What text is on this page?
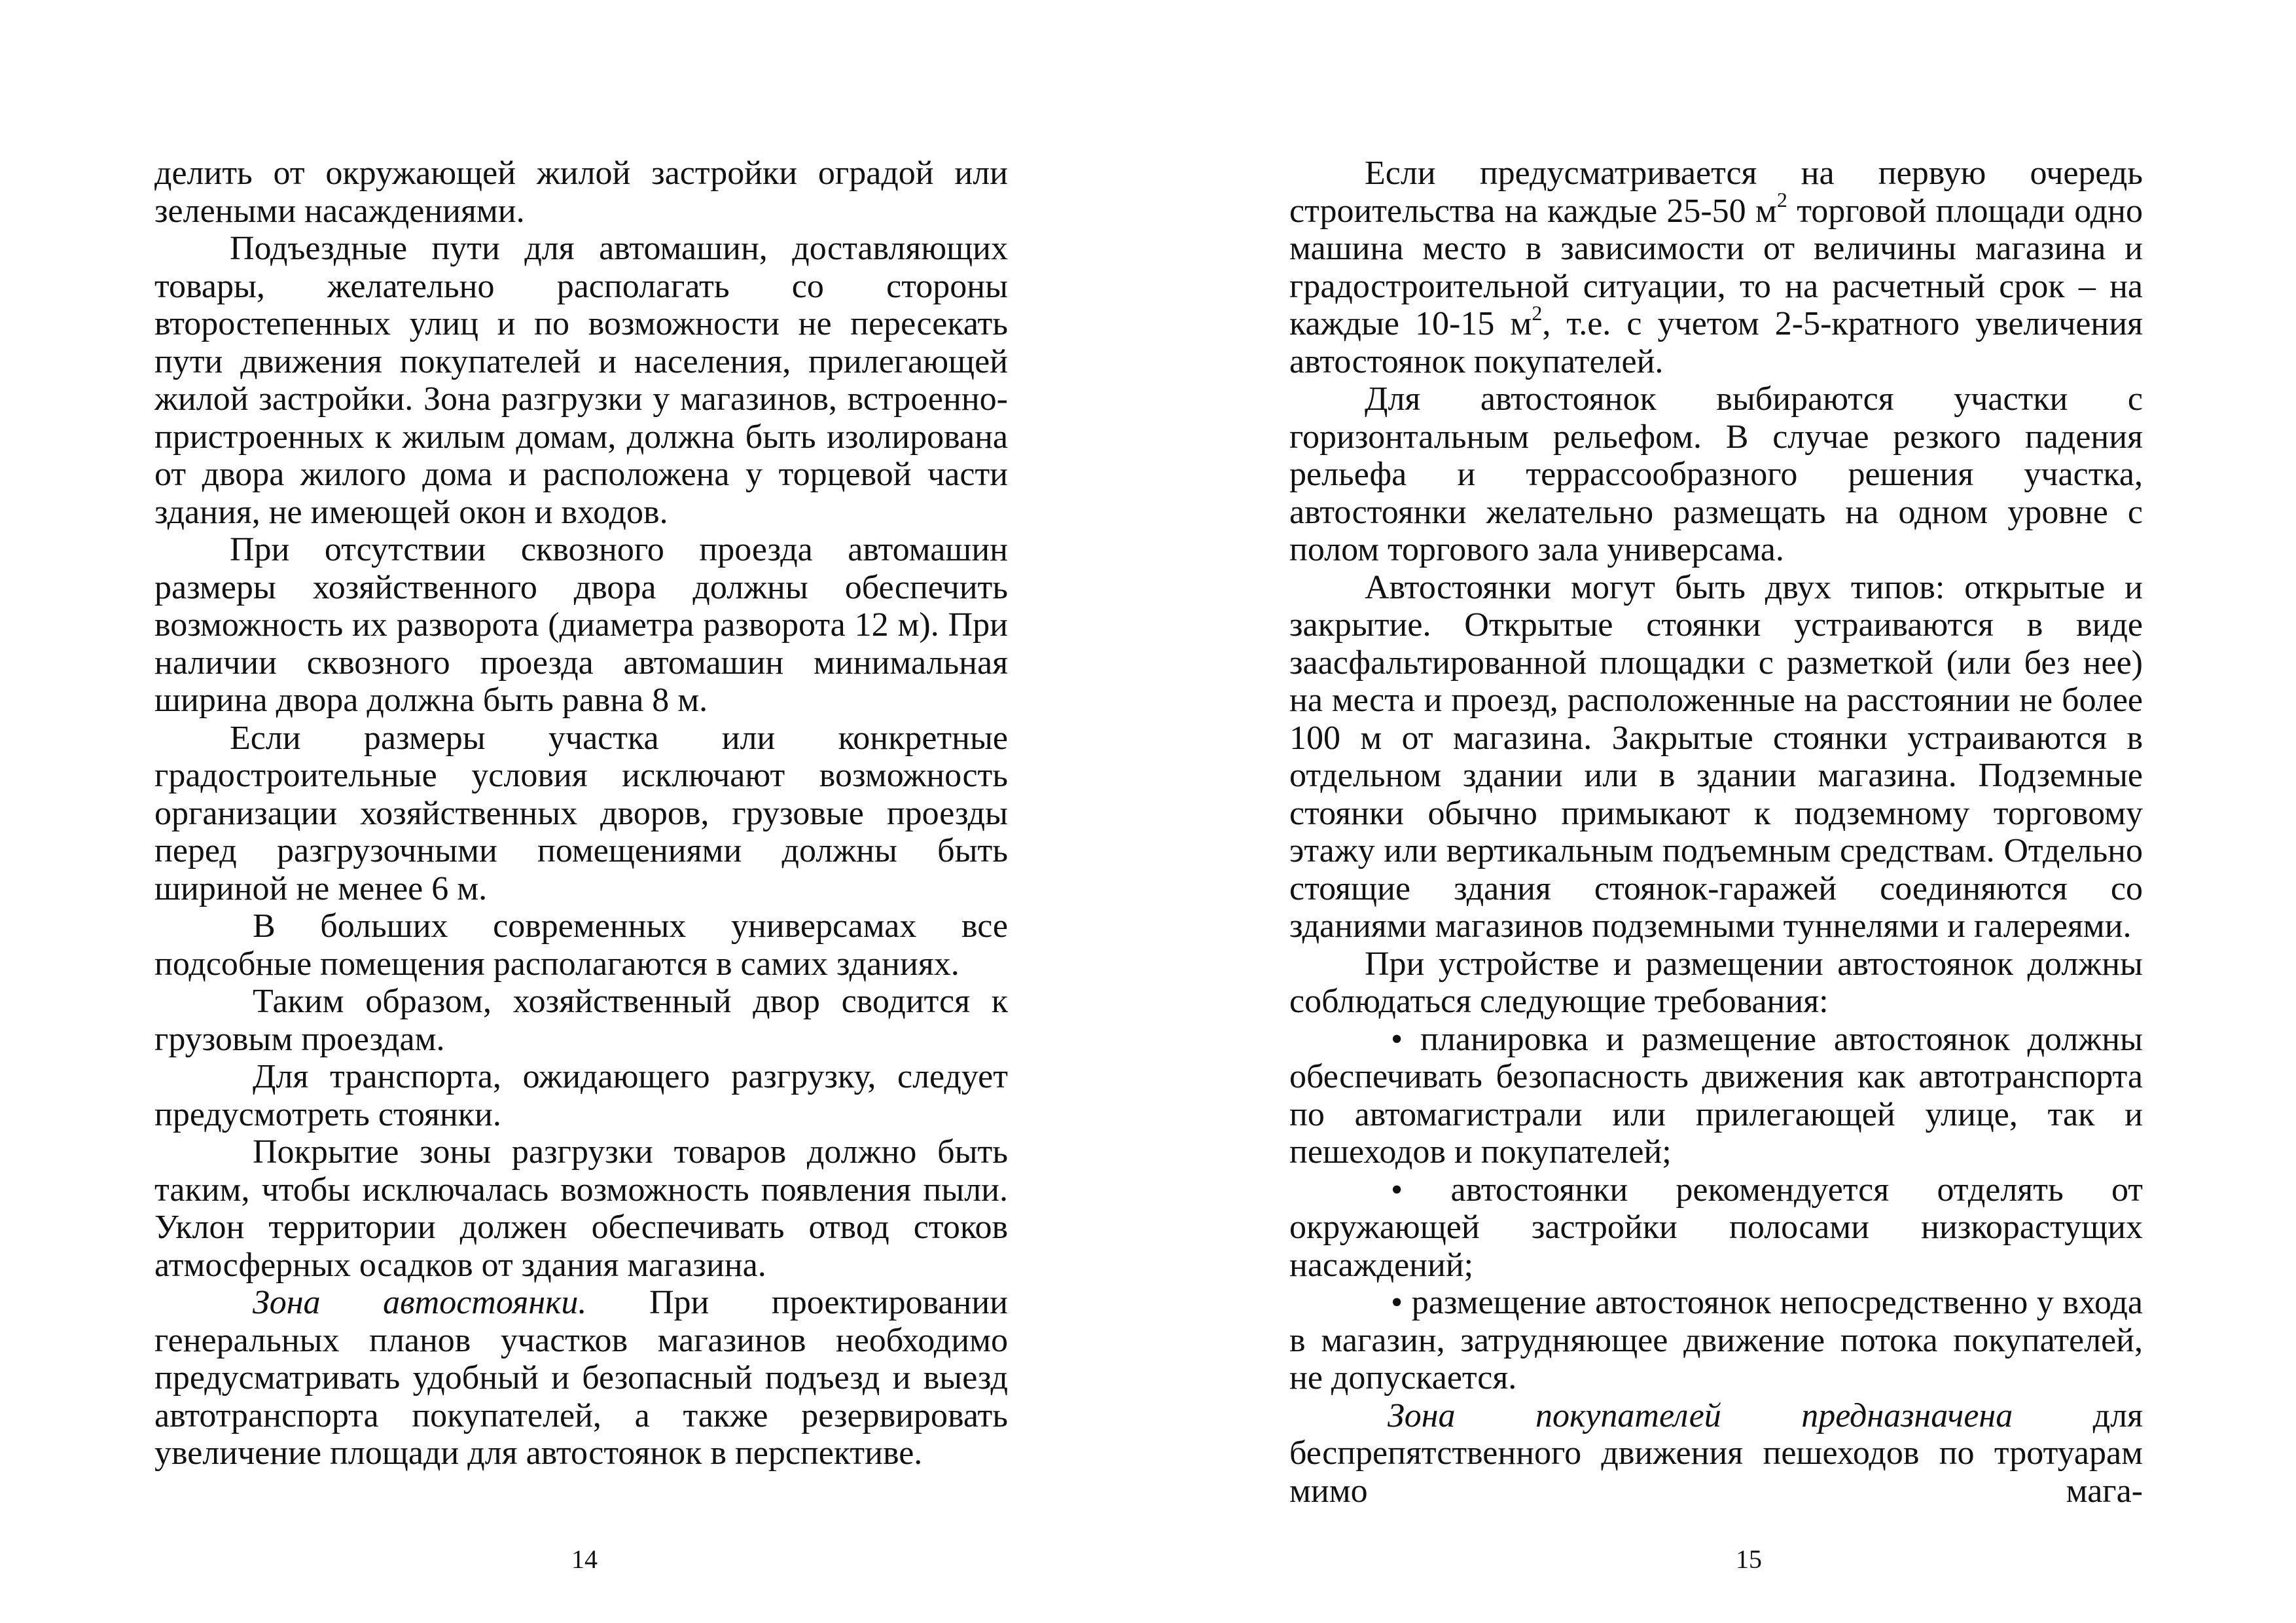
делить от окружающей жилой застройки оградой или зелеными насаждениями.

Подъездные пути для автомашин, доставляющих товары, желательно располагать со стороны второстепенных улиц и по возможности не пересекать пути движения покупателей и населения, прилегающей жилой застройки. Зона разгрузки у магазинов, встроенно-пристроенных к жилым домам, должна быть изолирована от двора жилого дома и расположена у торцевой части здания, не имеющей окон и входов.

При отсутствии сквозного проезда автомашин размеры хозяйственного двора должны обеспечить возможность их разворота (диаметра разворота 12 м). При наличии сквозного проезда автомашин минимальная ширина двора должна быть равна 8 м.

Если размеры участка или конкретные градостроительные условия исключают возможность организации хозяйственных дворов, грузовые проезды перед разгрузочными помещениями должны быть шириной не менее 6 м.

В больших современных универсамах все подсобные помещения располагаются в самих зданиях.

Таким образом, хозяйственный двор сводится к грузовым проездам.

Для транспорта, ожидающего разгрузку, следует предусмотреть стоянки.

Покрытие зоны разгрузки товаров должно быть таким, чтобы исключалась возможность появления пыли. Уклон территории должен обеспечивать отвод стоков атмосферных осадков от здания магазина.

Зона автостоянки. При проектировании генеральных планов участков магазинов необходимо предусматривать удобный и безопасный подъезд и выезд автотранспорта покупателей, а также резервировать увеличение площади для автостоянок в перспективе.

Если предусматривается на первую очередь строительства на каждые 25-50 $м^2$ торговой площади одно машина место в зависимости от величины магазина и градостроительной ситуации, то на расчетный срок – на каждые 10-15 $м^2$, т.е. с учетом 2-5-кратного увеличения автостоянок покупателей.

Для автостоянок выбираются участки с горизонтальным рельефом. В случае резкого падения рельефа и террассообразного решения участка, автостоянки желательно размещать на одном уровне с полом торгового зала универсама.

Автостоянки могут быть двух типов: открытые и закрытие. Открытые стоянки устраиваются в виде заасфальтированной площадки с разметкой (или без нее) на места и проезд, расположенные на расстоянии не более 100 м от магазина. Закрытые стоянки устраиваются в отдельном здании или в здании магазина. Подземные стоянки обычно примыкают к подземному торговому этажу или вертикальным подъемным средствам. Отдельно стоящие здания стоянок-гаражей соединяются со зданиями магазинов подземными туннелями и галереями.

При устройстве и размещении автостоянок должны соблюдаться следующие требования:

• планировка и размещение автостоянок должны обеспечивать безопасность движения как автотранспорта по автомагистрали или прилегающей улице, так и пешеходов и покупателей;

• автостоянки рекомендуется отделять от окружающей застройки полосами низкорастущих насаждений;

• размещение автостоянок непосредственно у входа в магазин, затрудняющее движение потока покупателей, не допускается.

Зона покупателей предназначена для беспрепятственного движения пешеходов по тротуарам мимо мага-

14	15
